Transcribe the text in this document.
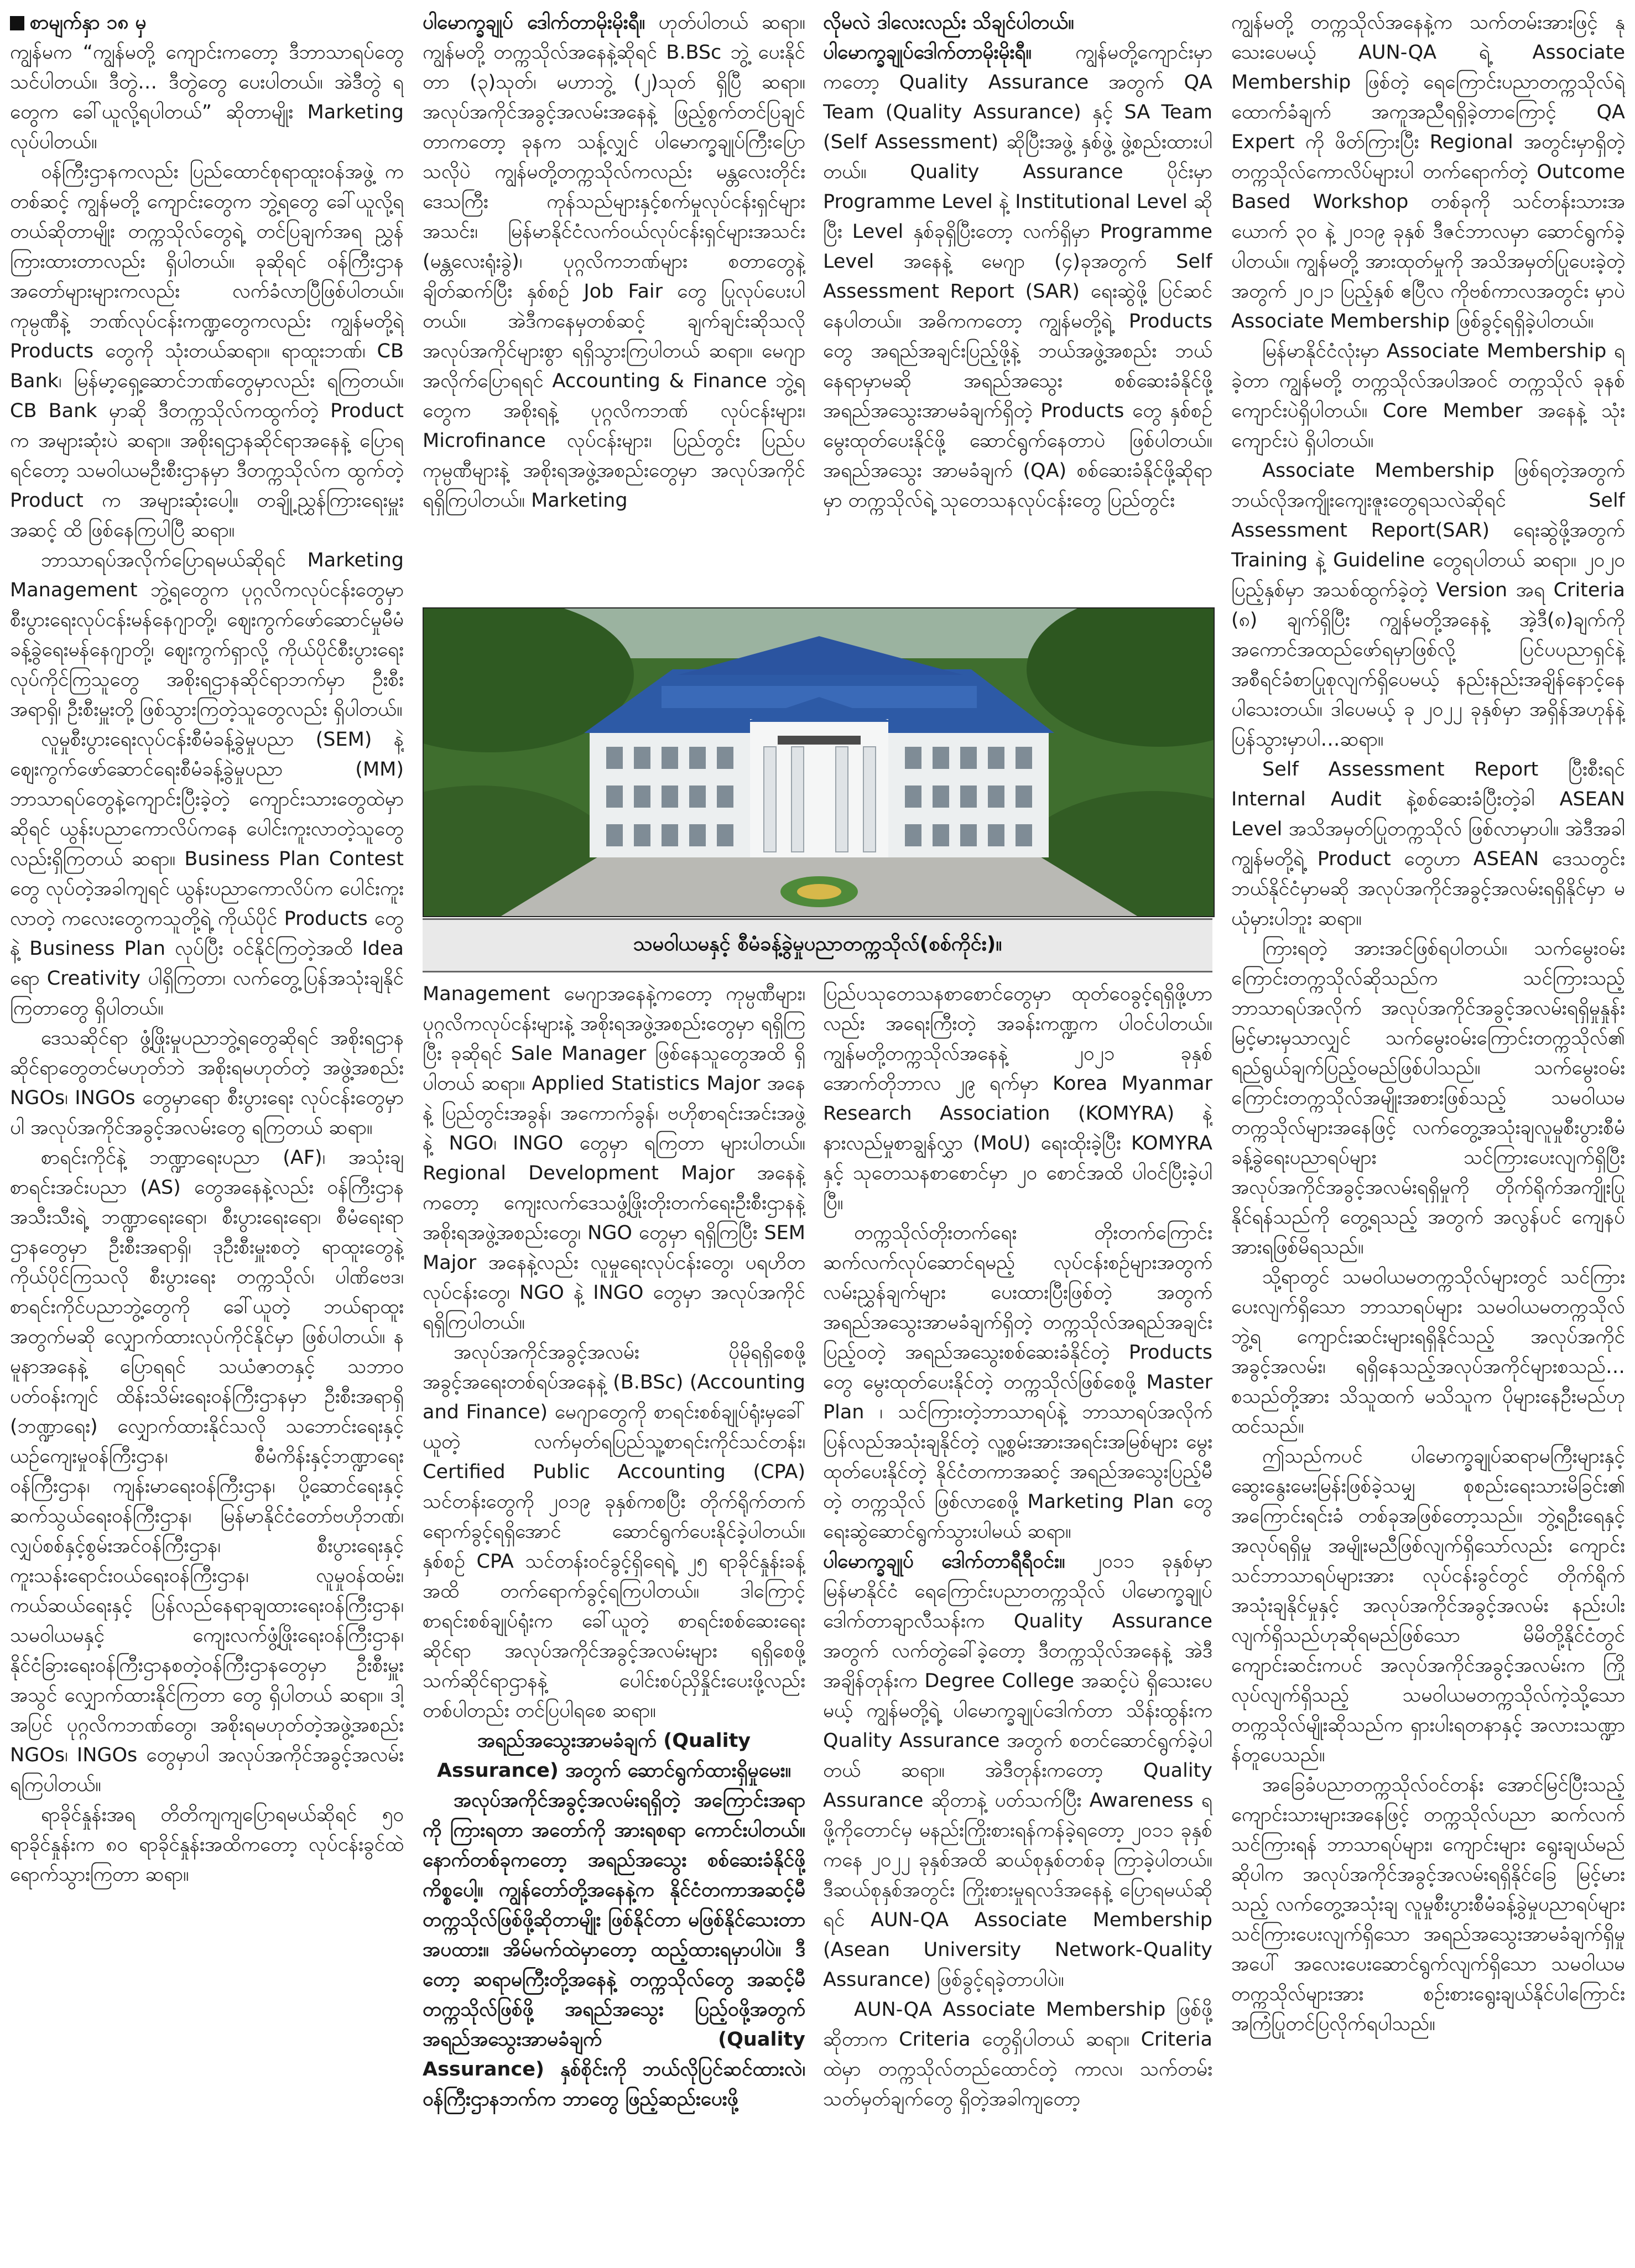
စာမျက်နှာ ၁၈ မှ

ကျွန်မက “ကျွန်မတို့ ကျောင်းကတော့ ဒီဘာသာရပ်တွေ သင်ပါတယ်။ ဒီတွဲ… ဒီတွဲတွေ ပေးပါတယ်။ အဲဒီတွဲ ရတွေက ခေါ်ယူလို့ရပါတယ်” ဆိုတာမျိုး Marketing လုပ်ပါတယ်။

ဝန်ကြီးဌာနကလည်း ပြည်ထောင်စုရာထူးဝန်အဖွဲ့ ကတစ်ဆင့် ကျွန်မတို့ ကျောင်းတွေက ဘွဲ့ရတွေ ခေါ်ယူလို့ရတယ်ဆိုတာမျိုး တက္ကသိုလ်တွေရဲ့ တင်ပြချက်အရ ညွှန်ကြားထားတာလည်း ရှိပါတယ်။ ခုဆိုရင် ဝန်ကြီးဌာနအတော်များများကလည်း လက်ခံလာပြီဖြစ်ပါတယ်။ ကုမ္ပဏီနဲ့ ဘဏ်လုပ်ငန်းကဏ္ဍတွေကလည်း ကျွန်မတို့ရဲ့ Products တွေကို သုံးတယ်ဆရာ။ ရာထူးဘဏ်၊ CB Bank၊ မြန်မာ့ရှေ့ဆောင်ဘဏ်တွေမှာလည်း ရကြတယ်။ CB Bank မှာဆို ဒီတက္ကသိုလ်ကထွက်တဲ့ Product က အများဆုံးပဲ ဆရာ။ အစိုးရဌာနဆိုင်ရာအနေနဲ့ ပြောရရင်တော့ သမဝါယမဦးစီးဌာနမှာ ဒီတက္ကသိုလ်က ထွက်တဲ့ Product က အများဆုံးပေါ့။ တချို့ညွှန်ကြားရေးမှူးအဆင့် ထိ ဖြစ်နေကြပါပြီ ဆရာ။

ဘာသာရပ်အလိုက်ပြောရမယ်ဆိုရင် Marketing Management ဘွဲ့ရတွေက ပုဂ္ဂလိကလုပ်ငန်းတွေမှာ စီးပွားရေးလုပ်ငန်းမန်နေဂျာတို့၊ ဈေးကွက်ဖော်ဆောင်မှုမီမံခန့်ခွဲရေးမန်နေဂျာတို့၊ ဈေးကွက်ရှာလို့ ကိုယ်ပိုင်စီးပွားရေးလုပ်ကိုင်ကြသူတွေ အစိုးရဌာနဆိုင်ရာဘက်မှာ ဦးစီးအရာရှိ၊ ဦးစီးမှူးတို့ ဖြစ်သွားကြတဲ့သူတွေလည်း ရှိပါတယ်။

လူမှုစီးပွားရေးလုပ်ငန်းစီမံခန့်ခွဲမှုပညာ (SEM) နဲ့ ဈေးကွက်ဖော်ဆောင်ရေးစီမံခန့်ခွဲမှုပညာ (MM) ဘာသာရပ်တွေနဲ့ကျောင်းပြီးခဲ့တဲ့ ကျောင်းသားတွေထဲမှာဆိုရင် ယွန်းပညာကောလိပ်ကနေ ပေါင်းကူးလာတဲ့သူတွေလည်းရှိကြတယ် ဆရာ။ Business Plan Contest တွေ လုပ်တဲ့အခါကျရင် ယွန်းပညာကောလိပ်က ပေါင်းကူးလာတဲ့ ကလေးတွေကသူတို့ရဲ့ ကိုယ်ပိုင် Products တွေနဲ့ Business Plan လုပ်ပြီး ဝင်နိုင်ကြတဲ့အထိ Idea ရော Creativity ပါရှိကြတာ၊ လက်တွေ့ပြန်အသုံးချနိုင်ကြတာတွေ ရှိပါတယ်။

ဒေသဆိုင်ရာ ဖွံ့ဖြိုးမှုပညာဘွဲ့ရတွေဆိုရင် အစိုးရဌာနဆိုင်ရာတွေတင်မဟုတ်ဘဲ အစိုးရမဟုတ်တဲ့ အဖွဲ့အစည်း NGOs၊ INGOs တွေမှာရော စီးပွားရေး လုပ်ငန်းတွေမှာပါ အလုပ်အကိုင်အခွင့်အလမ်းတွေ ရကြတယ် ဆရာ။

စာရင်းကိုင်နဲ့ ဘဏ္ဍာရေးပညာ (AF)၊ အသုံးချ စာရင်းအင်းပညာ (AS) တွေအနေနဲ့လည်း ဝန်ကြီးဌာနအသီးသီးရဲ့ ဘဏ္ဍာရေးရော၊ စီးပွားရေးရော၊ စီမံရေးရာဌာနတွေမှာ ဦးစီးအရာရှိ၊ ဒုဦးစီးမှူးစတဲ့ ရာထူးတွေနဲ့ ကိုယ်ပိုင်ကြသလို စီးပွားရေး တက္ကသိုလ်၊ ပါဏိဗေဒ၊ စာရင်းကိုင်ပညာဘွဲ့တွေကို ခေါ်ယူတဲ့ ဘယ်ရာထူးအတွက်မဆို လျှောက်ထားလုပ်ကိုင်နိုင်မှာ ဖြစ်ပါတယ်။ နမူနာအနေနဲ့ ပြောရရင် သယံဇာတနှင့် သဘာဝပတ်ဝန်းကျင် ထိန်းသိမ်းရေးဝန်ကြီးဌာနမှာ ဦးစီးအရာရှိ (ဘဏ္ဍာရေး) လျှောက်ထားနိုင်သလို သဘောင်းရေးနှင့် ယဉ်ကျေးမှုဝန်ကြီးဌာန၊ စီမံကိန်းနှင့်ဘဏ္ဍာရေး ဝန်ကြီးဌာန၊ ကျန်းမာရေးဝန်ကြီးဌာန၊ ပို့ဆောင်ရေးနှင့် ဆက်သွယ်ရေးဝန်ကြီးဌာန၊ မြန်မာနိုင်ငံတော်ဗဟိုဘဏ်၊ လျှပ်စစ်နှင့်စွမ်းအင်ဝန်ကြီးဌာန၊ စီးပွားရေးနှင့် ကူးသန်းရောင်းဝယ်ရေးဝန်ကြီးဌာန၊ လူမှုဝန်ထမ်း၊ ကယ်ဆယ်ရေးနှင့် ပြန်လည်နေရာချထားရေးဝန်ကြီးဌာန၊ သမဝါယမနှင့် ကျေးလက်ဖွံ့ဖြိုးရေးဝန်ကြီးဌာန၊ နိုင်ငံခြားရေးဝန်ကြီးဌာနစတဲ့ဝန်ကြီးဌာနတွေမှာ ဦးစီးမှူးအသွင် လျှောက်ထားနိုင်ကြတာ တွေ ရှိပါတယ် ဆရာ။ ဒါ့အပြင် ပုဂ္ဂလိကဘဏ်တွေ၊ အစိုးရမဟုတ်တဲ့အဖွဲ့အစည်း NGOs၊ INGOs တွေမှာပါ အလုပ်အကိုင်အခွင့်အလမ်းရကြပါတယ်။

ရာခိုင်နှုန်းအရ တိတိကျကျပြောရမယ်ဆိုရင် ၅၀ ရာခိုင်နှုန်းက ၈၀ ရာခိုင်နှုန်းအထိကတော့ လုပ်ငန်းခွင်ထဲ ရောက်သွားကြတာ ဆရာ။

ပါမောက္ခချုပ် ဒေါက်တာမိုးမိုးရီ။ ဟုတ်ပါတယ် ဆရာ။ ကျွန်မတို့ တက္ကသိုလ်အနေနဲ့ဆိုရင် B.BSc ဘွဲ့ ပေးနိုင်တာ (၃)သုတ်၊ မဟာဘွဲ့ (၂)သုတ် ရှိပြီ ဆရာ။ အလုပ်အကိုင်အခွင့်အလမ်းအနေနဲ့ ဖြည့်စွက်တင်ပြချင်တာကတော့ ခုနက သန့်လျှင် ပါမောက္ခချုပ်ကြီးပြောသလိုပဲ ကျွန်မတို့တက္ကသိုလ်ကလည်း မန္တလေးတိုင်းဒေသကြီး ကုန်သည်များနှင့်စက်မှုလုပ်ငန်းရှင်များအသင်း၊ မြန်မာနိုင်ငံလက်ဝယ်လုပ်ငန်းရှင်များအသင်း (မန္တလေးရုံးခွဲ)၊ ပုဂ္ဂလိကဘဏ်များ စတာတွေနဲ့ ချိတ်ဆက်ပြီး နှစ်စဉ် Job Fair တွေ ပြုလုပ်ပေးပါတယ်။ အဲဒီကနေမှတစ်ဆင့် ချက်ချင်းဆိုသလို အလုပ်အကိုင်များစွာ ရရှိသွားကြပါတယ် ဆရာ။ မေဂျာအလိုက်ပြောရရင် Accounting & Finance ဘွဲ့ရတွေက အစိုးရနဲ့ ပုဂ္ဂလိကဘဏ် လုပ်ငန်းများ၊ Microfinance လုပ်ငန်းများ၊ ပြည်တွင်း ပြည်ပကုမ္ပဏီများနဲ့ အစိုးရအဖွဲ့အစည်းတွေမှာ အလုပ်အကိုင် ရရှိကြပါတယ်။ Marketing

လိုမလဲ ဒါလေးလည်း သိချင်ပါတယ်။

ပါမောက္ခချုပ်ဒေါက်တာမိုးမိုးရီ။ ကျွန်မတို့ကျောင်းမှာကတော့ Quality Assurance အတွက် QA Team (Quality Assurance) နှင့် SA Team (Self Assessment) ဆိုပြီးအဖွဲ့ နှစ်ဖွဲ့ ဖွဲ့စည်းထားပါတယ်။ Quality Assurance ပိုင်းမှာ Programme Level နဲ့ Institutional Level ဆိုပြီး Level နှစ်ခုရှိပြီးတော့ လက်ရှိမှာ Programme Level အနေနဲ့ မေဂျာ (၄)ခုအတွက် Self Assessment Report (SAR) ရေးဆွဲဖို့ ပြင်ဆင်နေပါတယ်။ အဓိကကတော့ ကျွန်မတို့ရဲ့ Products တွေ အရည်အချင်းပြည့်ဖို့နဲ့ ဘယ်အဖွဲ့အစည်း ဘယ်နေရာမှာမဆို အရည်အသွေး စစ်ဆေးခံနိုင်ဖို့ အရည်အသွေးအာမခံချက်ရှိတဲ့ Products တွေ နှစ်စဉ်မွေးထုတ်ပေးနိုင်ဖို့ ဆောင်ရွက်နေတာပဲ ဖြစ်ပါတယ်။ အရည်အသွေး အာမခံချက် (QA) စစ်ဆေးခံနိုင်ဖို့ဆိုရာမှာ တက္ကသိုလ်ရဲ့ သုတေသနလုပ်ငန်းတွေ ပြည်တွင်း

သမဝါယမနှင့် စီမံခန့်ခွဲမှုပညာတက္ကသိုလ်(စစ်ကိုင်း)။

Management မေဂျာအနေနဲ့ကတော့ ကုမ္ပဏီများ၊ ပုဂ္ဂလိကလုပ်ငန်းများနဲ့ အစိုးရအဖွဲ့အစည်းတွေမှာ ရရှိကြပြီး ခုဆိုရင် Sale Manager ဖြစ်နေသူတွေအထိ ရှိပါတယ် ဆရာ။ Applied Statistics Major အနေနဲ့ ပြည်တွင်းအခွန်၊ အကောက်ခွန်၊ ဗဟိုစာရင်းအင်းအဖွဲ့နဲ့ NGO၊ INGO တွေမှာ ရကြတာ များပါတယ်။ Regional Development Major အနေနဲ့ကတော့ ကျေးလက်ဒေသဖွံ့ဖြိုးတိုးတက်ရေးဦးစီးဌာနနဲ့ အစိုးရအဖွဲ့အစည်းတွေ၊ NGO တွေမှာ ရရှိကြပြီး SEM Major အနေနဲ့လည်း လူမှုရေးလုပ်ငန်းတွေ၊ ပရဟိတလုပ်ငန်းတွေ၊ NGO နဲ့ INGO တွေမှာ အလုပ်အကိုင်ရရှိကြပါတယ်။

အလုပ်အကိုင်အခွင့်အလမ်း ပိုမိုရရှိစေဖို့ အခွင့်အရေးတစ်ရပ်အနေနဲ့ (B.BSc) (Accounting and Finance) မေဂျာတွေကို စာရင်းစစ်ချုပ်ရုံးမှခေါ်ယူတဲ့ လက်မှတ်ရပြည်သူ့စာရင်းကိုင်သင်တန်း၊ Certified Public Accounting (CPA) သင်တန်းတွေကို ၂၀၁၉ ခုနှစ်ကစပြီး တိုက်ရိုက်တက်ရောက်ခွင့်ရရှိအောင် ဆောင်ရွက်ပေးနိုင်ခဲ့ပါတယ်။ နှစ်စဉ် CPA သင်တန်းဝင်ခွင့်ရှိရေရဲ့ ၂၅ ရာခိုင်နှုန်းခန့်အထိ တက်ရောက်ခွင့်ရကြပါတယ်။ ဒါကြောင့် စာရင်းစစ်ချုပ်ရုံးက ခေါ်ယူတဲ့ စာရင်းစစ်ဆေးရေးဆိုင်ရာ အလုပ်အကိုင်အခွင့်အလမ်းများ ရရှိစေဖို့ သက်ဆိုင်ရာဌာနနဲ့ ပေါင်းစပ်ညှိနှိုင်းပေးဖို့လည်း တစ်ပါတည်း တင်ပြပါရစေ ဆရာ။

အရည်အသွေးအာမခံချက် (Quality Assurance) အတွက် ဆောင်ရွက်ထားရှိမှုမေး။

အလုပ်အကိုင်အခွင့်အလမ်းရရှိတဲ့ အကြောင်းအရာကို ကြားရတာ အတော်ကို အားရစရာ ကောင်းပါတယ်။ နောက်တစ်ခုကတော့ အရည်အသွေး စစ်ဆေးခံနိုင်ဖို့ကိစ္စပေါ့။ ကျွန်တော်တို့အနေနဲ့က နိုင်ငံတကာအဆင့်မီတက္ကသိုလ်ဖြစ်ဖို့ဆိုတာမျိုး ဖြစ်နိုင်တာ မဖြစ်နိုင်သေးတာ အပထား။ အိမ်မက်ထဲမှာတော့ ထည့်ထားရမှာပါပဲ။ ဒီတော့ ဆရာမကြီးတို့အနေနဲ့ တက္ကသိုလ်တွေ အဆင့်မီ တက္ကသိုလ်ဖြစ်ဖို့ အရည်အသွေး ပြည့်ဝဖို့အတွက် အရည်အသွေးအာမခံချက် (Quality Assurance) နှစ်စိုင်းကို ဘယ်လိုပြင်ဆင်ထားလဲ၊ ဝန်ကြီးဌာနဘက်က ဘာတွေ ဖြည့်ဆည်းပေးဖို့

ပြည်ပသုတေသနစာစောင်တွေမှာ ထုတ်ဝေခွင့်ရရှိဖို့ဟာလည်း အရေးကြီးတဲ့ အခန်းကဏ္ဍက ပါဝင်ပါတယ်။ ကျွန်မတို့တက္ကသိုလ်အနေနဲ့ ၂၀၂၁ ခုနှစ် အောက်တိုဘာလ ၂၉ ရက်မှာ Korea Myanmar Research Association (KOMYRA) နဲ့ နားလည်မှုစာချွန်လွှာ (MoU) ရေးထိုးခဲ့ပြီး KOMYRA နှင့် သုတေသနစာစောင်မှာ ၂၀ စောင်အထိ ပါဝင်ပြီးခဲ့ပါပြီ။

တက္ကသိုလ်တိုးတက်ရေး တိုးတက်ကြောင်း ဆက်လက်လုပ်ဆောင်ရမည့် လုပ်ငန်းစဉ်များအတွက် လမ်းညွှန်ချက်များ ပေးထားပြီးဖြစ်တဲ့ အတွက် အရည်အသွေးအာမခံချက်ရှိတဲ့ တက္ကသိုလ်အရည်အချင်းပြည့်ဝတဲ့ အရည်အသွေးစစ်ဆေးခံနိုင်တဲ့ Products တွေ မွေးထုတ်ပေးနိုင်တဲ့ တက္ကသိုလ်ဖြစ်စေဖို့ Master Plan ၊ သင်ကြားတဲ့ဘာသာရပ်နဲ့ ဘာသာရပ်အလိုက် ပြန်လည်အသုံးချနိုင်တဲ့ လူ့စွမ်းအားအရင်းအမြစ်များ မွေးထုတ်ပေးနိုင်တဲ့ နိုင်ငံတကာအဆင့် အရည်အသွေးပြည့်မီတဲ့ တက္ကသိုလ် ဖြစ်လာစေဖို့ Marketing Plan တွေ ရေးဆွဲဆောင်ရွက်သွားပါမယ် ဆရာ။

ပါမောက္ခချုပ် ဒေါက်တာရီရီဝင်း။ ၂၀၁၁ ခုနှစ်မှာ မြန်မာနိုင်ငံ ရေကြောင်းပညာတက္ကသိုလ် ပါမောက္ခချုပ် ဒေါက်တာချာလီသန်းက Quality Assurance အတွက် လက်တွဲခေါ်ခဲ့တော့ ဒီတက္ကသိုလ်အနေနဲ့ အဲဒီအချိန်တုန်းက Degree College အဆင့်ပဲ ရှိသေးပေမယ့် ကျွန်မတို့ရဲ့ ပါမောက္ခချုပ်ဒေါက်တာ သိန်းထွန်းက Quality Assurance အတွက် စတင်ဆောင်ရွက်ခဲ့ပါတယ် ဆရာ။ အဲဒီတုန်းကတော့ Quality Assurance ဆိုတာနဲ့ ပတ်သက်ပြီး Awareness ရဖို့ကိုတောင်မှ မနည်းကြိုးစားရန်ကန်ခဲ့ရတော့ ၂၀၁၁ ခုနှစ်ကနေ ၂၀၂၂ ခုနှစ်အထိ ဆယ်စုနှစ်တစ်ခု ကြာခဲ့ပါတယ်။ ဒီဆယ်စုနှစ်အတွင်း ကြိုးစားမှုရလဒ်အနေနဲ့ ပြောရမယ်ဆိုရင် AUN-QA Associate Membership (Asean University Network-Quality Assurance) ဖြစ်ခွင့်ရခဲ့တာပါပဲ။

AUN-QA Associate Membership ဖြစ်ဖို့ ဆိုတာက Criteria တွေရှိပါတယ် ဆရာ။ Criteria ထဲမှာ တက္ကသိုလ်တည်ထောင်တဲ့ ကာလ၊ သက်တမ်းသတ်မှတ်ချက်တွေ ရှိတဲ့အခါကျတော့

ကျွန်မတို့ တက္ကသိုလ်အနေနဲ့က သက်တမ်းအားဖြင့် နုသေးပေမယ့် AUN-QA ရဲ့ Associate Membership ဖြစ်တဲ့ ရေကြောင်းပညာတက္ကသိုလ်ရဲ့ ထောက်ခံချက် အကူအညီရရှိခဲ့တာကြောင့် QA Expert ကို ဖိတ်ကြားပြီး Regional အတွင်းမှာရှိတဲ့ တက္ကသိုလ်ကောလိပ်များပါ တက်ရောက်တဲ့ Outcome Based Workshop တစ်ခုကို သင်တန်းသားအယောက် ၃၀ နဲ့ ၂၀၁၉ ခုနှစ် ဒီဇင်ဘာလမှာ ဆောင်ရွက်ခဲ့ပါတယ်။ ကျွန်မတို့ အားထုတ်မှုကို အသိအမှတ်ပြုပေးခဲ့တဲ့ အတွက် ၂၀၂၁ ပြည့်နှစ် ဧပြီလ ကိုဗစ်ကာလအတွင်း မှာပဲ Associate Membership ဖြစ်ခွင့်ရရှိခဲ့ပါတယ်။

မြန်မာနိုင်ငံလုံးမှာ Associate Membership ရခဲ့တာ ကျွန်မတို့ တက္ကသိုလ်အပါအဝင် တက္ကသိုလ် ခုနစ်ကျောင်းပဲရှိပါတယ်။ Core Member အနေနဲ့ သုံးကျောင်းပဲ ရှိပါတယ်။

Associate Membership ဖြစ်ရတဲ့အတွက် ဘယ်လိုအကျိုးကျေးဇူးတွေရသလဲဆိုရင် Self Assessment Report(SAR) ရေးဆွဲဖို့အတွက် Training နဲ့ Guideline တွေရပါတယ် ဆရာ။ ၂၀၂၀ ပြည့်နှစ်မှာ အသစ်ထွက်ခဲ့တဲ့ Version အရ Criteria (၈) ချက်ရှိပြီး ကျွန်မတို့အနေနဲ့ အဲ့ဒီ(၈)ချက်ကို အကောင်အထည်ဖော်ရမှာဖြစ်လို့ ပြင်ပပညာရှင်နဲ့ အစီရင်ခံစာပြုစုလျက်ရှိပေမယ့် နည်းနည်းအချိန်နောင့်နေပါသေးတယ်။ ဒါပေမယ့် ခု ၂၀၂၂ ခုနှစ်မှာ အရှိန်အဟုန်နဲ့ ပြန်သွားမှာပါ…ဆရာ။

Self Assessment Report ပြီးစီးရင် Internal Audit နဲ့စစ်ဆေးခံပြီးတဲ့ခါ ASEAN Level အသိအမှတ်ပြုတက္ကသိုလ် ဖြစ်လာမှာပါ။ အဲဒီအခါ ကျွန်မတို့ရဲ့ Product တွေဟာ ASEAN ဒေသတွင်း ဘယ်နိုင်ငံမှာမဆို အလုပ်အကိုင်အခွင့်အလမ်းရရှိနိုင်မှာ မယုံမှားပါဘူး ဆရာ။

ကြားရတဲ့ အားအင်ဖြစ်ရပါတယ်။ သက်မွေးဝမ်းကြောင်းတက္ကသိုလ်ဆိုသည်က သင်ကြားသည့် ဘာသာရပ်အလိုက် အလုပ်အကိုင်အခွင့်အလမ်းရရှိမှုနှုန်း မြင့်မားမှသာလျှင် သက်မွေးဝမ်းကြောင်းတက္ကသိုလ်၏ ရည်ရွယ်ချက်ပြည့်ဝမည်ဖြစ်ပါသည်။ သက်မွေးဝမ်းကြောင်းတက္ကသိုလ်အမျိုးအစားဖြစ်သည့် သမဝါယမတက္ကသိုလ်များအနေဖြင့် လက်တွေ့အသုံးချလူမှုစီးပွားစီမံခန့်ခွဲရေးပညာရပ်များ သင်ကြားပေးလျက်ရှိပြီး အလုပ်အကိုင်အခွင့်အလမ်းရရှိမှုကို တိုက်ရိုက်အကျိုးပြုနိုင်ရန်သည်ကို တွေ့ရသည့် အတွက် အလွန်ပင် ကျေနပ်အားရဖြစ်မိရသည်။

သို့ရာတွင် သမဝါယမတက္ကသိုလ်များတွင် သင်ကြားပေးလျက်ရှိသော ဘာသာရပ်များ သမဝါယမတက္ကသိုလ်ဘွဲ့ရ ကျောင်းဆင်းများရရှိနိုင်သည့် အလုပ်အကိုင်အခွင့်အလမ်း၊ ရရှိနေသည့်အလုပ်အကိုင်များစသည်… စသည်တို့အား သိသူထက် မသိသူက ပိုများနေဦးမည်ဟု ထင်သည်။

ဤသည်ကပင် ပါမောက္ခချုပ်ဆရာမကြီးများနှင့် ဆွေးနွေးမေးမြန်းဖြစ်ခဲ့သမျှ စုစည်းရေးသားမိခြင်း၏ အကြောင်းရင်းခံ တစ်ခုအဖြစ်တော့သည်။ ဘွဲ့ရဦးရေနှင့် အလုပ်ရရှိမှု အမျိုးမညီဖြစ်လျက်ရှိသော်လည်း ကျောင်းသင်ဘာသာရပ်များအား လုပ်ငန်းခွင်တွင် တိုက်ရိုက်အသုံးချနိုင်မှုနှင့် အလုပ်အကိုင်အခွင့်အလမ်း နည်းပါးလျက်ရှိသည်ဟုဆိုရမည်ဖြစ်သော မိမိတို့နိုင်ငံတွင် ကျောင်းဆင်းကပင် အလုပ်အကိုင်အခွင့်အလမ်းက ကြိုလုပ်လျက်ရှိသည့် သမဝါယမတက္ကသိုလ်ကဲ့သို့သော တက္ကသိုလ်မျိုးဆိုသည်က ရှားပါးရတနာနှင့် အလားသဏ္ဍာန်တူပေသည်။

အခြေခံပညာတက္ကသိုလ်ဝင်တန်း အောင်မြင်ပြီးသည့် ကျောင်းသားများအနေဖြင့် တက္ကသိုလ်ပညာ ဆက်လက်သင်ကြားရန် ဘာသာရပ်များ၊ ကျောင်းများ ရွေးချယ်မည်ဆိုပါက အလုပ်အကိုင်အခွင့်အလမ်းရရှိနိုင်ခြေ မြင့်မားသည့် လက်တွေ့အသုံးချ လူမှုစီးပွားစီမံခန့်ခွဲမှုပညာရပ်များ သင်ကြားပေးလျက်ရှိသော အရည်အသွေးအာမခံချက်ရှိမှုအပေါ် အလေးပေးဆောင်ရွက်လျက်ရှိသော သမဝါယမတက္ကသိုလ်များအား စဉ်းစားရွေးချယ်နိုင်ပါကြောင်း အကြံပြုတင်ပြလိုက်ရပါသည်။
